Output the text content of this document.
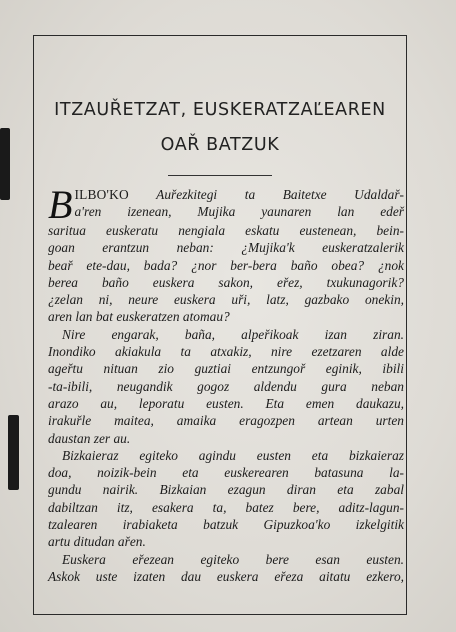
ITZAUŘETZAT, EUSKERATZAĽEAREN
OAŘ BATZUK
B ILBO'KO Auřezkitegi ta Baitetxe Udaldař-
a'ren izenean, Mujika yaunaren lan edeř
saritua euskeratu nengiala eskatu eustenean, bein-
goan erantzun neban: ¿Mujika'k euskeratzalerik
beař ete-dau, bada? ¿nor ber-bera baño obea? ¿nok
berea baño euskera sakon, eřez, txukunagorik?
¿zelan ni, neure euskera uři, latz, gazbako onekin,
aren lan bat euskeratzen atomau?
Nire engarak, baña, alpeřikoak izan ziran.
Inondiko akiakula ta atxakiz, nire ezetzaren alde
ageřtu nituan zio guztiai entzungoř eginik, ibili
-ta-ibili, neugandik gogoz aldendu gura neban
arazo au, leporatu eusten. Eta emen daukazu,
irakuřle maitea, amaika eragozpen artean urten
daustan zer au.
Bizkaieraz egiteko agindu eusten eta bizkaieraz
doa, noizik-bein eta euskerearen batasuna la-
gundu nairik. Bizkaian ezagun diran eta zabal
dabiltzan itz, esakera ta, batez bere, aditz-lagun-
tzalearen irabiaketa batzuk Gipuzkoa'ko izkelgitik
artu ditudan ařen.
Euskera eřezean egiteko bere esan eusten.
Askok uste izaten dau euskera eřeza aitatu ezkero,
